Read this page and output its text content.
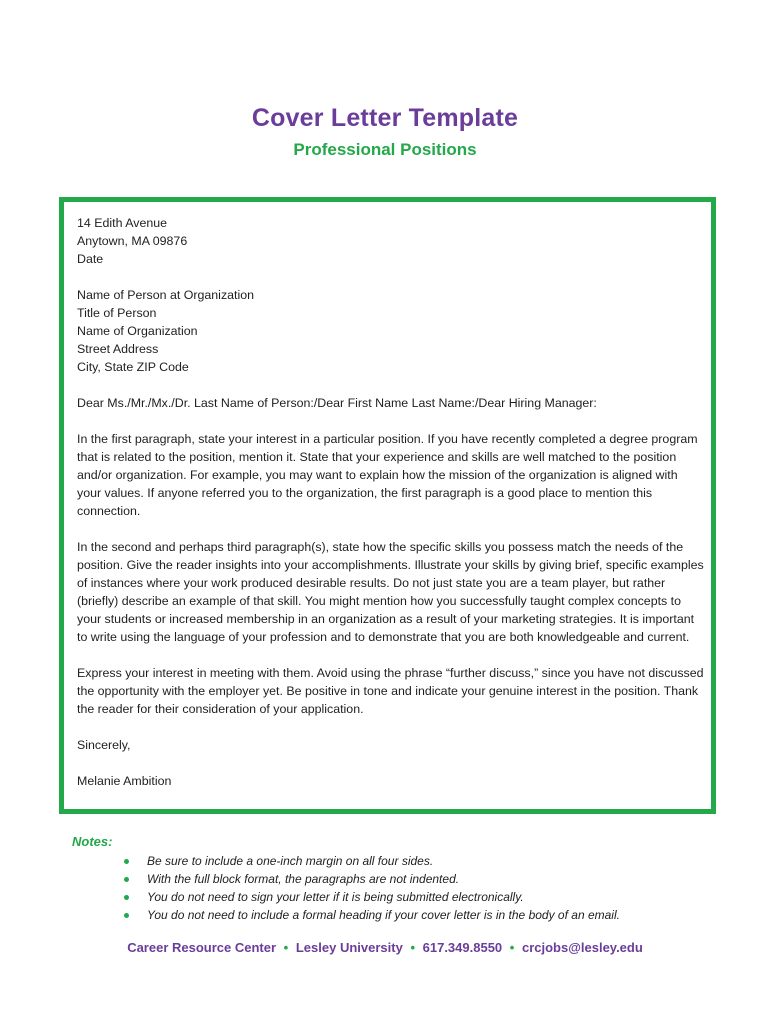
Cover Letter Template
Professional Positions
14 Edith Avenue
Anytown, MA 09876
Date
Name of Person at Organization
Title of Person
Name of Organization
Street Address
City, State ZIP Code

Dear Ms./Mr./Mx./Dr. Last Name of Person:/Dear First Name Last Name:/Dear Hiring Manager:

In the first paragraph, state your interest in a particular position. If you have recently completed a degree program that is related to the position, mention it. State that your experience and skills are well matched to the position and/or organization. For example, you may want to explain how the mission of the organization is aligned with your values. If anyone referred you to the organization, the first paragraph is a good place to mention this connection.

In the second and perhaps third paragraph(s), state how the specific skills you possess match the needs of the position. Give the reader insights into your accomplishments. Illustrate your skills by giving brief, specific examples of instances where your work produced desirable results. Do not just state you are a team player, but rather (briefly) describe an example of that skill. You might mention how you successfully taught complex concepts to your students or increased membership in an organization as a result of your marketing strategies. It is important to write using the language of your profession and to demonstrate that you are both knowledgeable and current.

Express your interest in meeting with them. Avoid using the phrase “further discuss,” since you have not discussed the opportunity with the employer yet. Be positive in tone and indicate your genuine interest in the position. Thank the reader for their consideration of your application.

Sincerely,

Melanie Ambition

Notes:
Be sure to include a one-inch margin on all four sides.
With the full block format, the paragraphs are not indented.
You do not need to sign your letter if it is being submitted electronically.
You do not need to include a formal heading if your cover letter is in the body of an email.
Career Resource Center • Lesley University • 617.349.8550 • crcjobs@lesley.edu
